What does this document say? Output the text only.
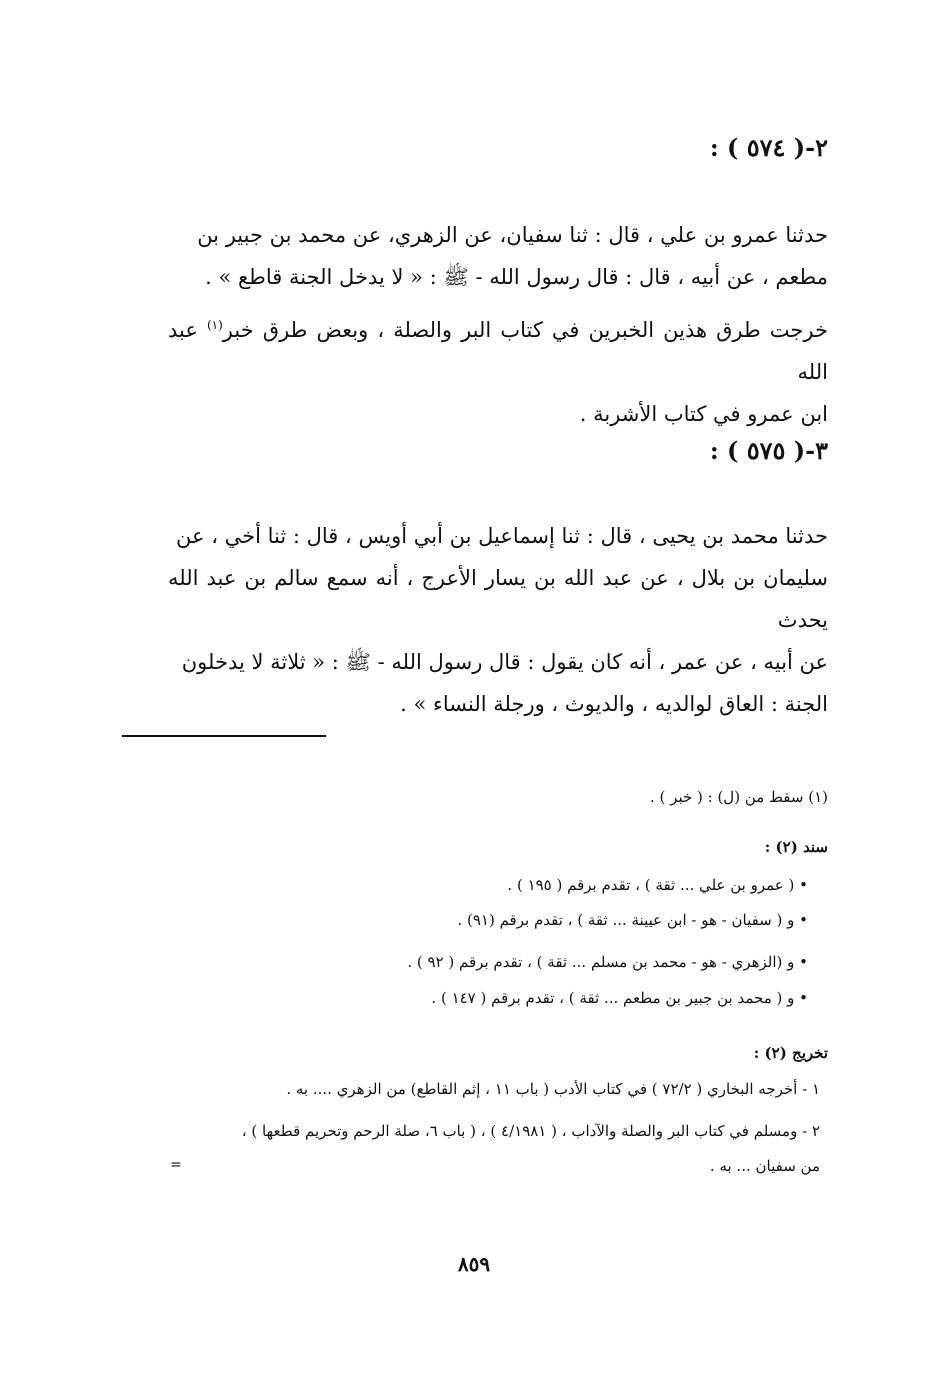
٢-( ٥٧٤ ) :

حدثنا عمرو بن علي ، قال : ثنا سفيان، عن الزهري، عن محمد بن جبير بن

مطعم ، عن أبيه ، قال : قال رسول الله - ﷺ : « لا يدخل الجنة قاطع » .

خرجت طرق هذين الخبرين في كتاب البر والصلة ، وبعض طرق خبر$^{(١)}$ عبد الله

ابن عمرو في كتاب الأشربة .

٣-( ٥٧٥ ) :

حدثنا محمد بن يحيى ، قال : ثنا إسماعيل بن أبي أويس ، قال : ثنا أخي ، عن

سليمان بن بلال ، عن عبد الله بن يسار الأعرج ، أنه سمع سالم بن عبد الله يحدث

عن أبيه ، عن عمر ، أنه كان يقول : قال رسول الله - ﷺ : « ثلاثة لا يدخلون

الجنة : العاق لوالديه ، والديوث ، ورجلة النساء » .

(١) سقط من (ل) : ( خبر ) .
سند (٢) :
• ( عمرو بن علي ... ثقة ) ، تقدم برقم ( ١٩٥ ) .
• و ( سفيان - هو - ابن عيينة ... ثقة ) ، تقدم برقم (٩١) .
• و (الزهري - هو - محمد بن مسلم ... ثقة ) ، تقدم برقم ( ٩٢ ) .
• و ( محمد بن جبير بن مطعم ... ثقة ) ، تقدم برقم ( ١٤٧ ) .
تخريج (٢) :
١ - أخرجه البخاري ( ٧٢/٢ ) في كتاب الأدب ( باب ١١ ، إثم القاطع) من الزهري .... به .
٢ - ومسلم في كتاب البر والصلة والآداب ، ( ٤/١٩٨١ ) ، ( باب ٦، صلة الرحم وتحريم قطعها ) ،
من سفيان ... به .
=
٨٥٩
